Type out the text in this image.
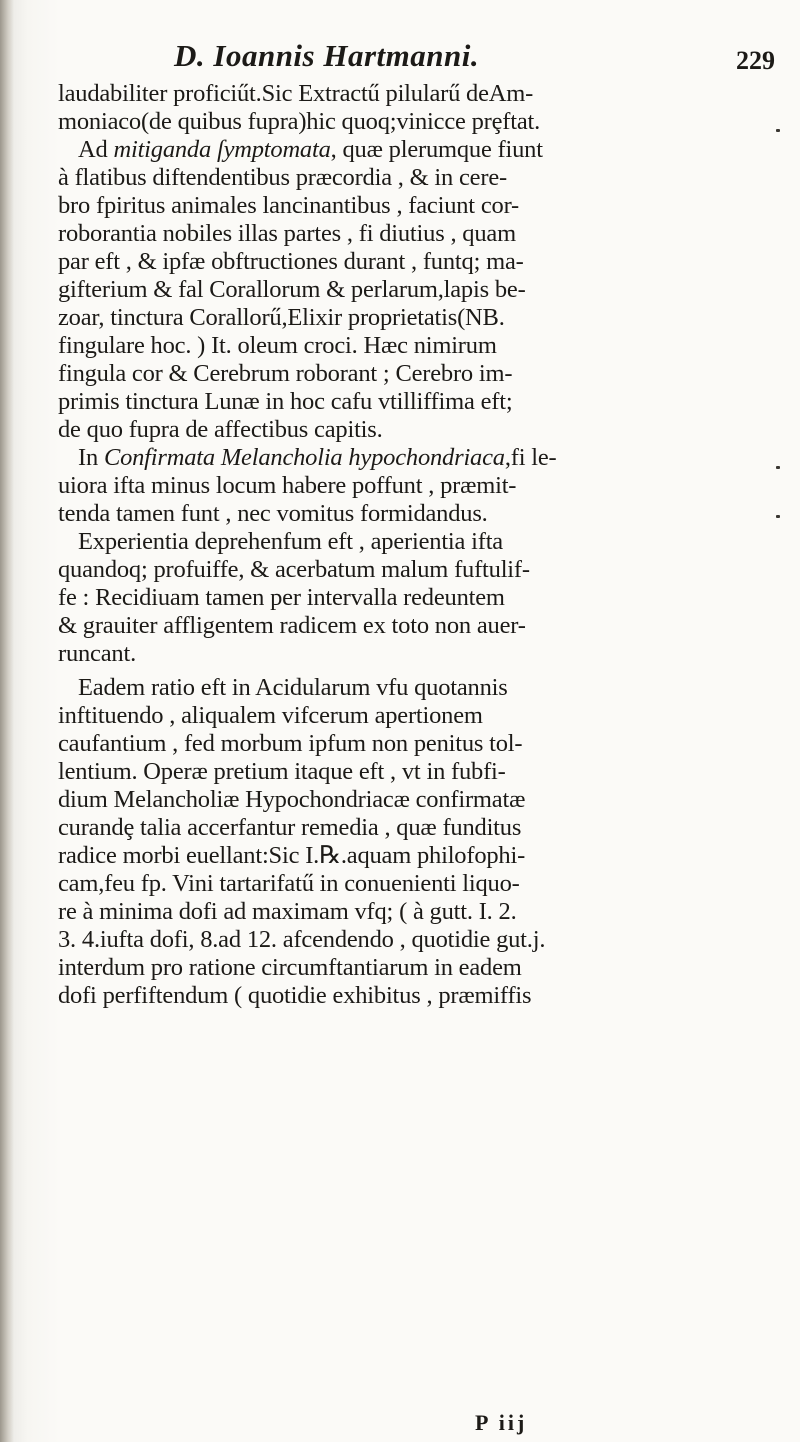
D. Ioannis Hartmanni.	229
laudabiliter proficiűt.Sic Extractű pilularű deAm-
moniaco(de quibus fupra)hic quoq;vinicce prȩftat.
Ad mitiganda ſymptomata, quæ plerumque fiunt
à flatibus diftendentibus præcordia , & in cere-
bro fpiritus animales lancinantibus , faciunt cor-
roborantia nobiles illas partes , fi diutius , quam
par eft , & ipfæ obftructiones durant , funtq; ma-
gifterium & fal Corallorum & perlarum,lapis be-
zoar, tinctura Corallorű,Elixir proprietatis(NB.
fingulare hoc. ) It. oleum croci. Hæc nimirum
fingula cor & Cerebrum roborant ; Cerebro im-
primis tinctura Lunæ in hoc cafu vtilliffima eft;
de quo fupra de affectibus capitis.
In Confirmata Melancholia hypochondriaca,fi le-
uiora ifta minus locum habere poffunt , præmit-
tenda tamen funt , nec vomitus formidandus.
Experientia deprehenfum eft , aperientia ifta
quandoq; profuiffe, & acerbatum malum fuftulif-
fe : Recidiuam tamen per intervalla redeuntem
& grauiter affligentem radicem ex toto non auer-
runcant.
Eadem ratio eft in Acidularum vfu quotannis
inftituendo , aliqualem vifcerum apertionem
caufantium , fed morbum ipfum non penitus tol-
lentium. Operæ pretium itaque eft , vt in fubfi-
dium Melancholiæ Hypochondriacæ confirmatæ
curandȩ talia accerfantur remedia , quæ funditus
radice morbi euellant:Sic I.℞.aquam philofophi-
cam,feu fp. Vini tartarifatű in conuenienti liquo-
re à minima dofi ad maximam vfq; ( à gutt. I. 2.
3. 4.iufta dofi, 8.ad 12. afcendendo , quotidie gut.j.
interdum pro ratione circumftantiarum in eadem
dofi perfiftendum ( quotidie exhibitus , præmiffis
P iij
